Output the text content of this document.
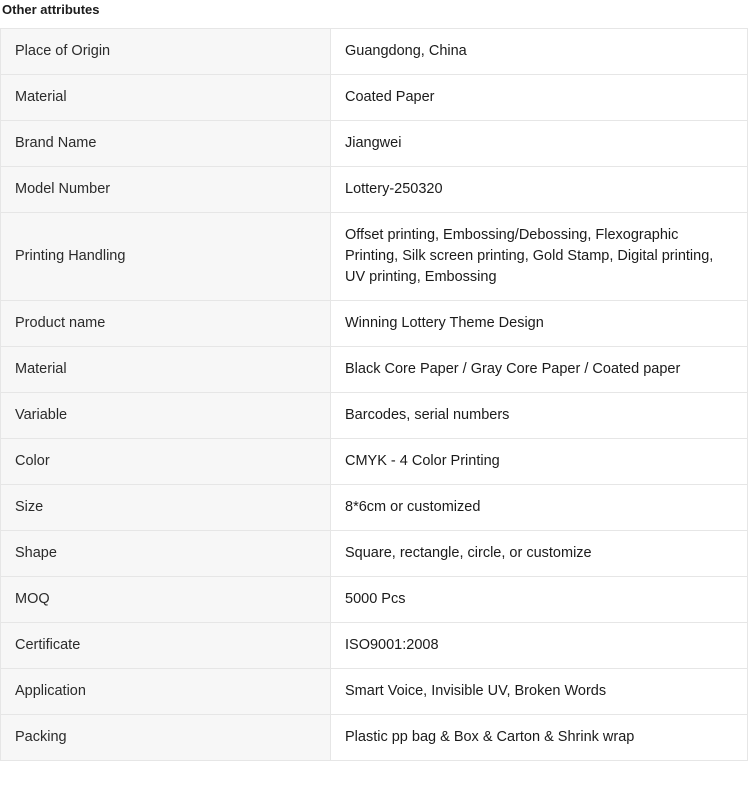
Other attributes
Place of Origin	Guangdong, China
Material	Coated Paper
Brand Name	Jiangwei
Model Number	Lottery-250320
Printing Handling	Offset printing, Embossing/Debossing, Flexographic Printing, Silk screen printing, Gold Stamp, Digital printing, UV printing, Embossing
Product name	Winning Lottery Theme Design
Material	Black Core Paper / Gray Core Paper / Coated paper
Variable	Barcodes, serial numbers
Color	CMYK - 4 Color Printing
Size	8*6cm or customized
Shape	Square, rectangle, circle, or customize
MOQ	5000 Pcs
Certificate	ISO9001:2008
Application	Smart Voice, Invisible UV, Broken Words
Packing	Plastic pp bag & Box & Carton & Shrink wrap
